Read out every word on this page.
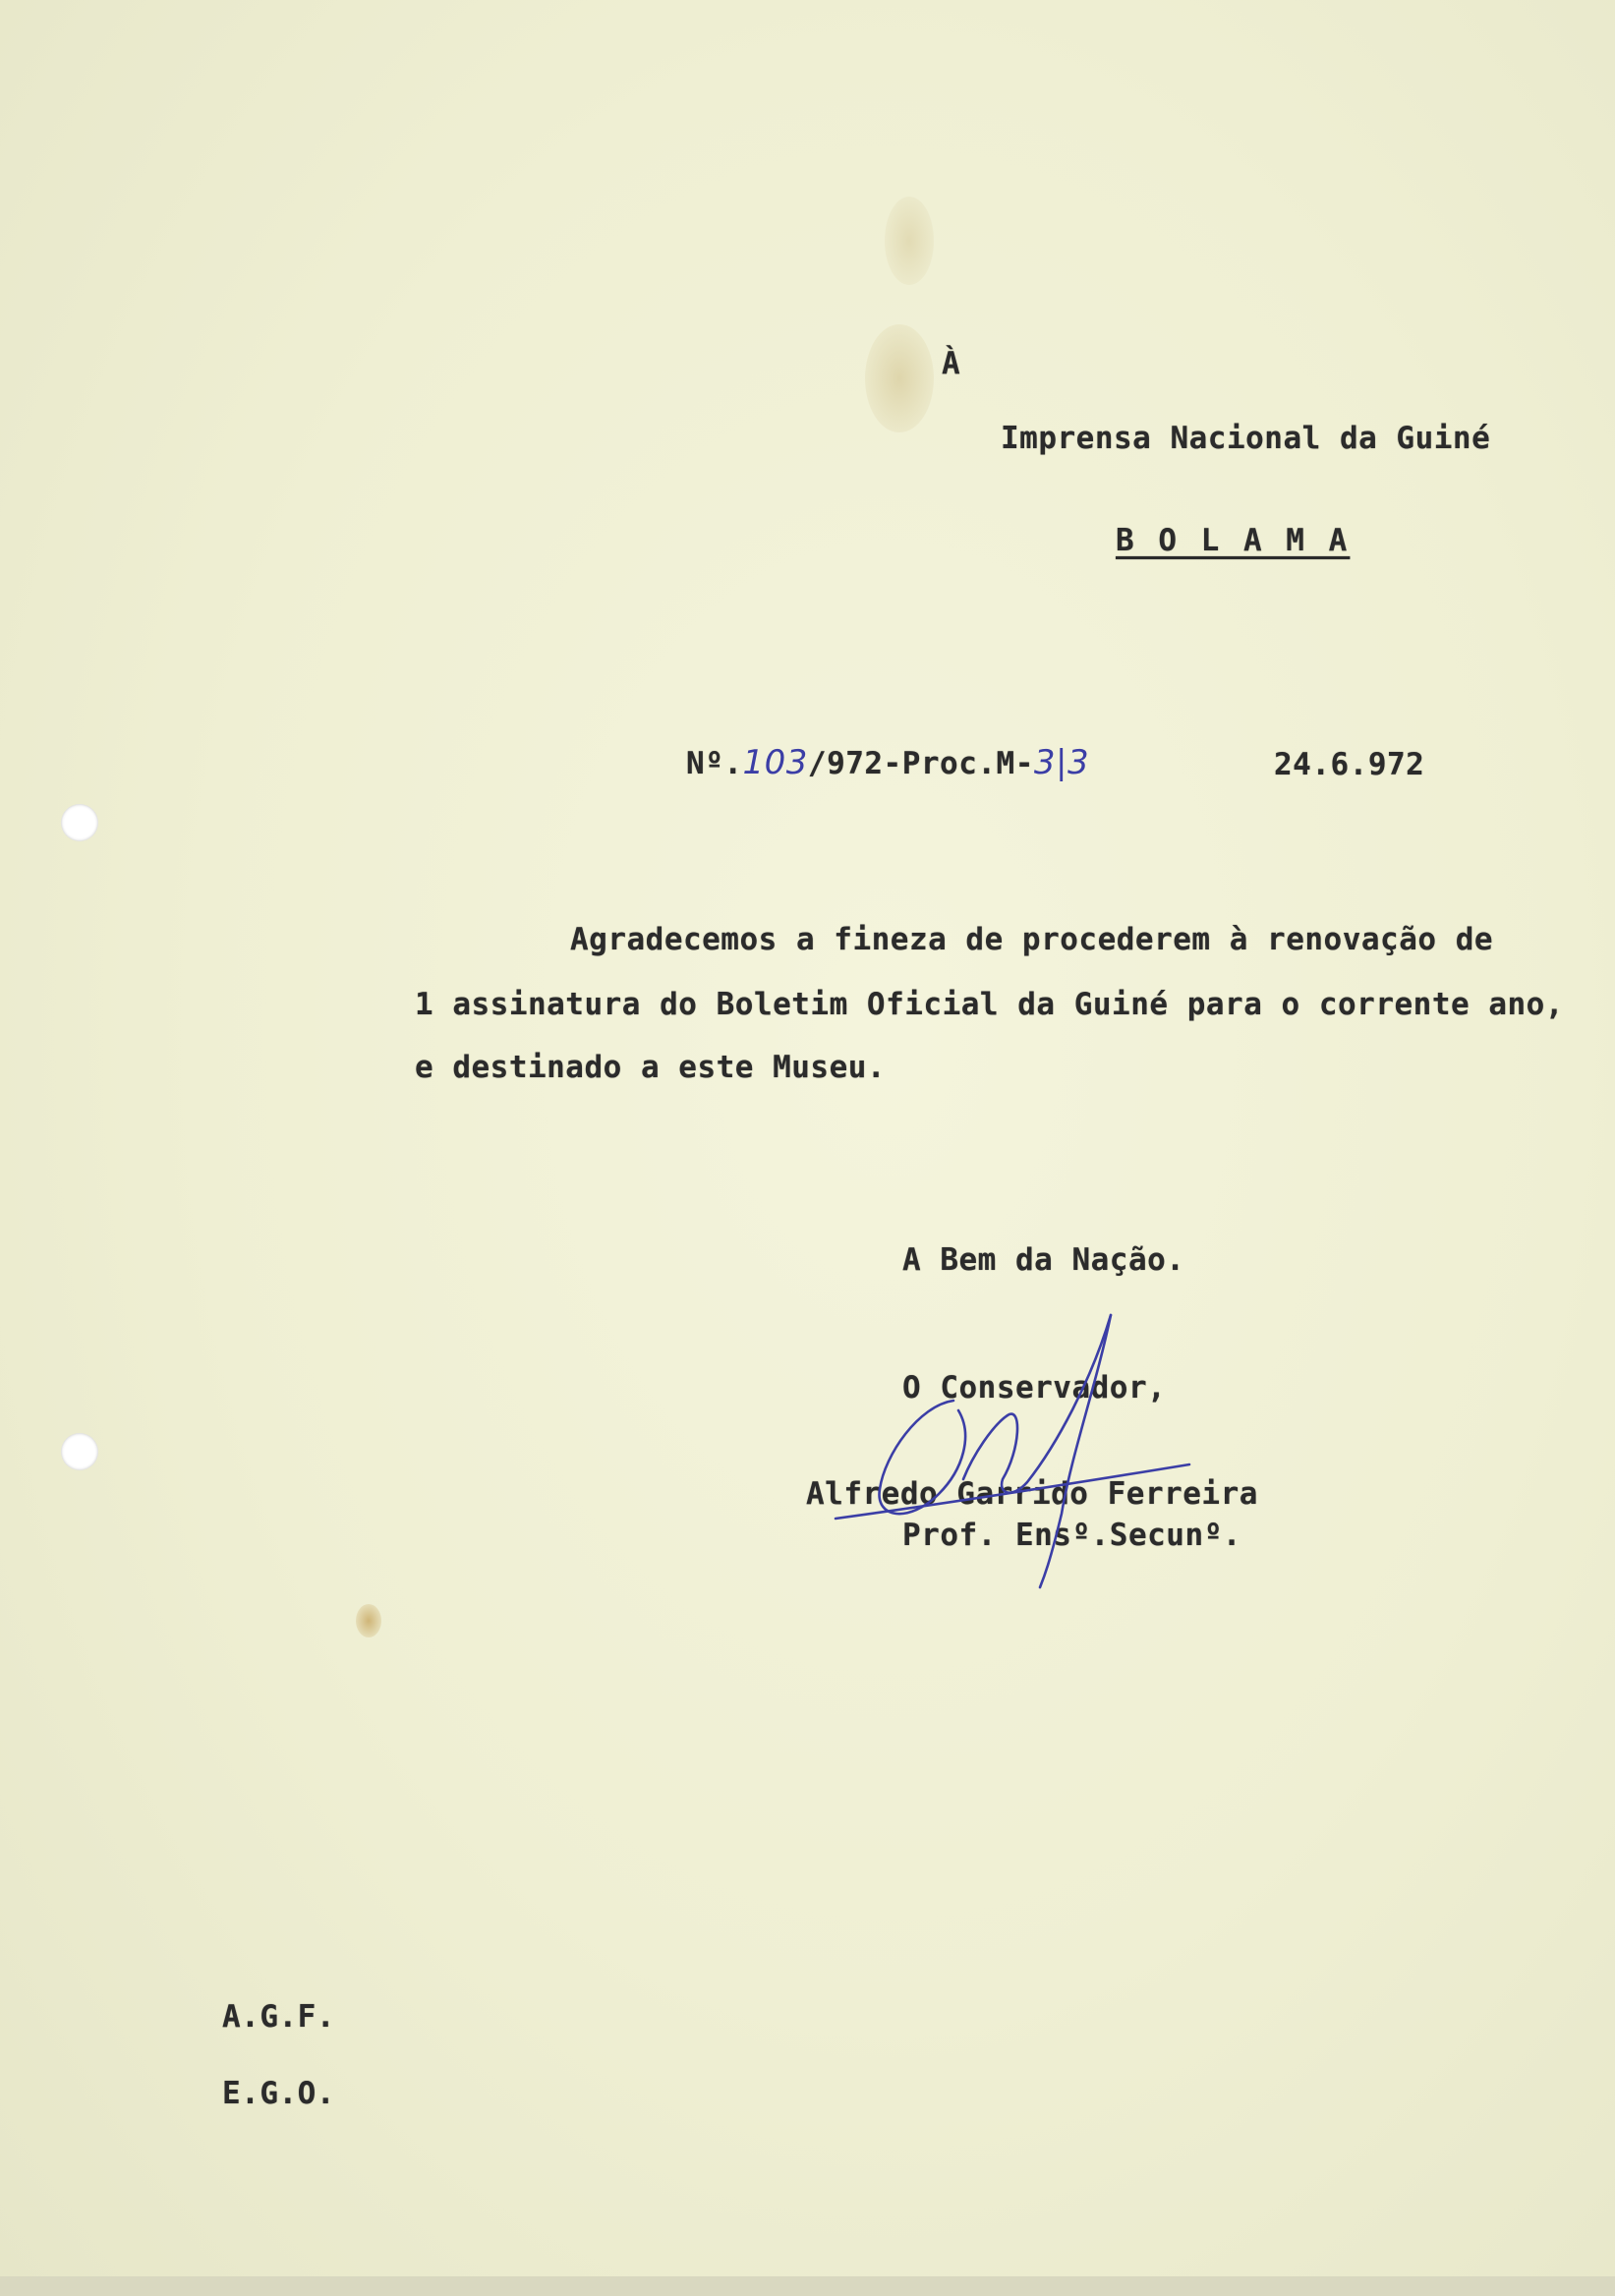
À
Imprensa Nacional da Guiné
B O L A M A
Nº.103/972-Proc.M-3|3	24.6.972
Agradecemos a fineza de procederem à renovação de
1 assinatura do Boletim Oficial da Guiné para o corrente ano,
e destinado a este Museu.
A Bem da Nação.
O Conservador,
Alfredo Garrido Ferreira
Prof. Ensº.Secunº.
A.G.F.
E.G.O.
